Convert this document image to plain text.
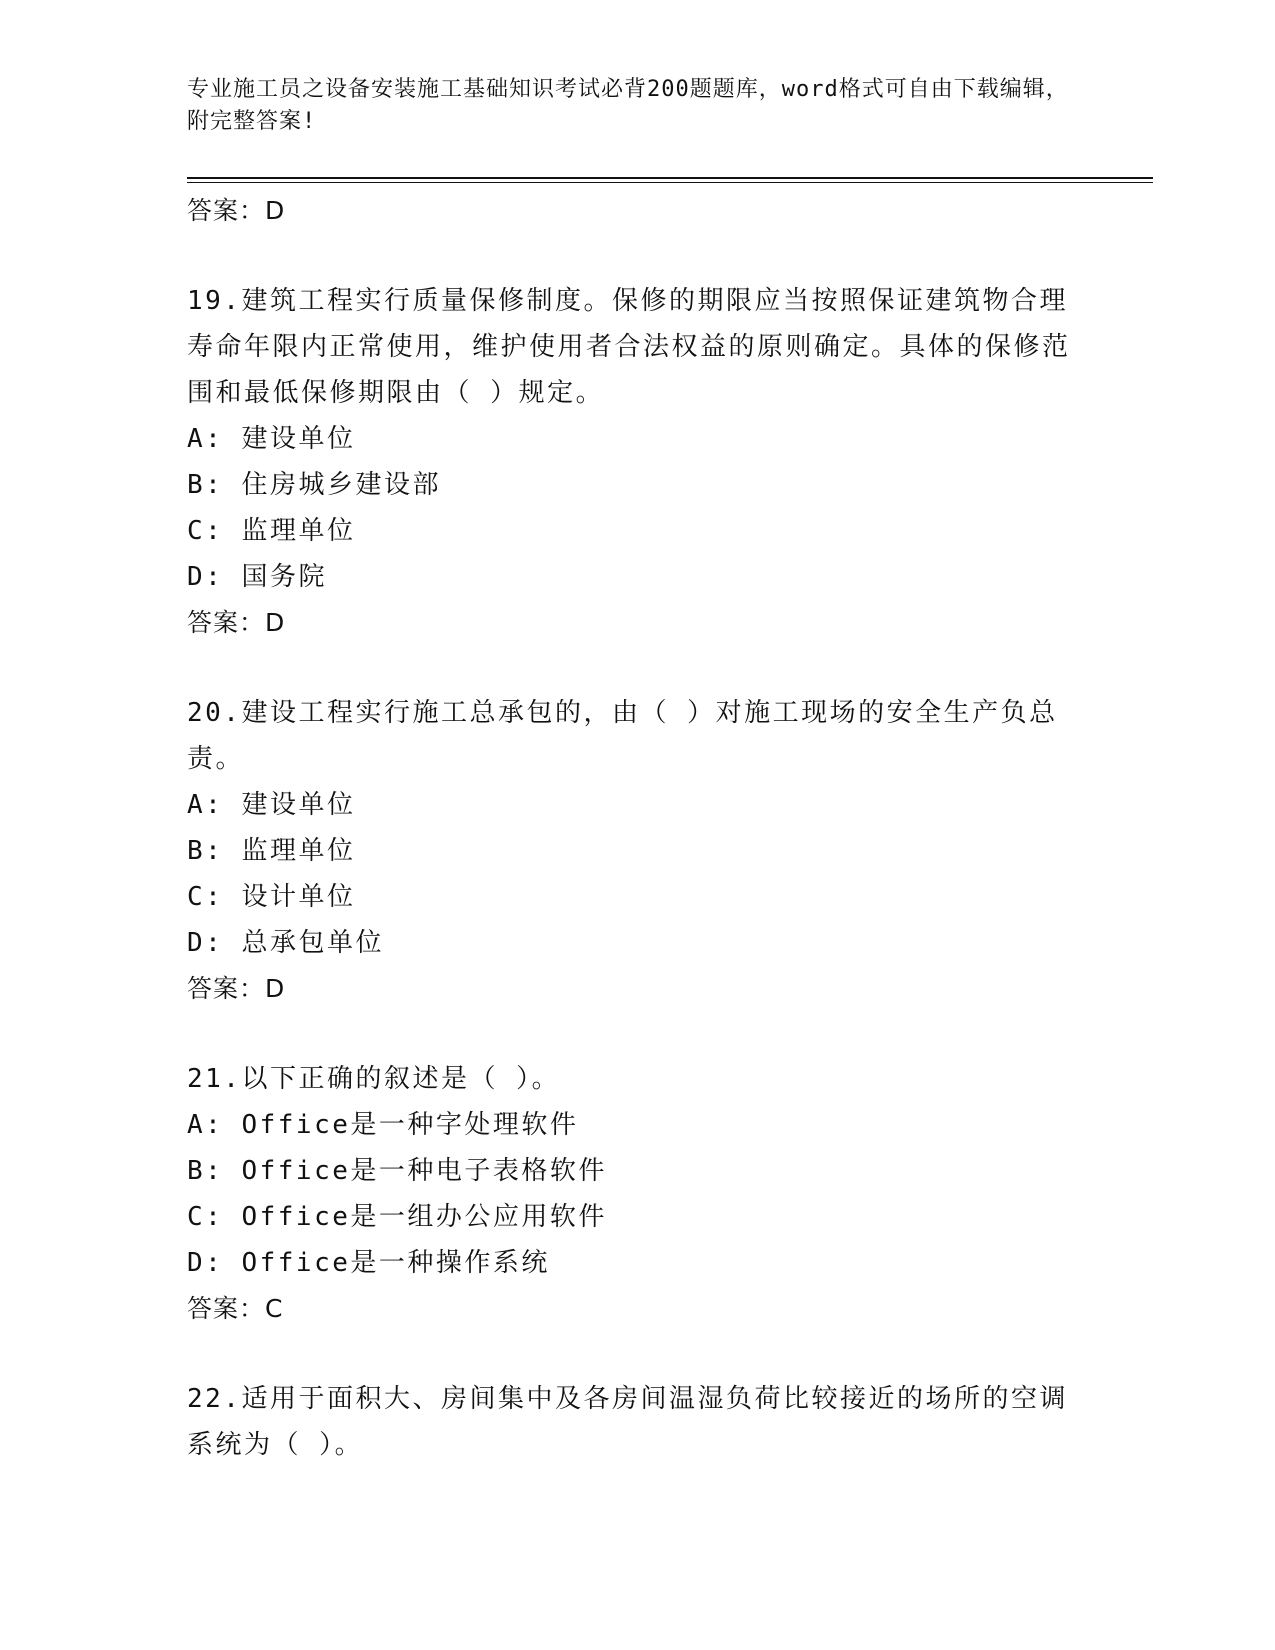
专业施工员之设备安装施工基础知识考试必背200题题库，word格式可自由下载编辑，附完整答案!
答案：D
19.建筑工程实行质量保修制度。保修的期限应当按照保证建筑物合理寿命年限内正常使用，维护使用者合法权益的原则确定。具体的保修范围和最低保修期限由（ ）规定。
A: 建设单位
B: 住房城乡建设部
C: 监理单位
D: 国务院
答案：D
20.建设工程实行施工总承包的，由（ ）对施工现场的安全生产负总责。
A: 建设单位
B: 监理单位
C: 设计单位
D: 总承包单位
答案：D
21.以下正确的叙述是（ ）。
A: Office是一种字处理软件
B: Office是一种电子表格软件
C: Office是一组办公应用软件
D: Office是一种操作系统
答案：C
22.适用于面积大、房间集中及各房间温湿负荷比较接近的场所的空调系统为（ ）。
